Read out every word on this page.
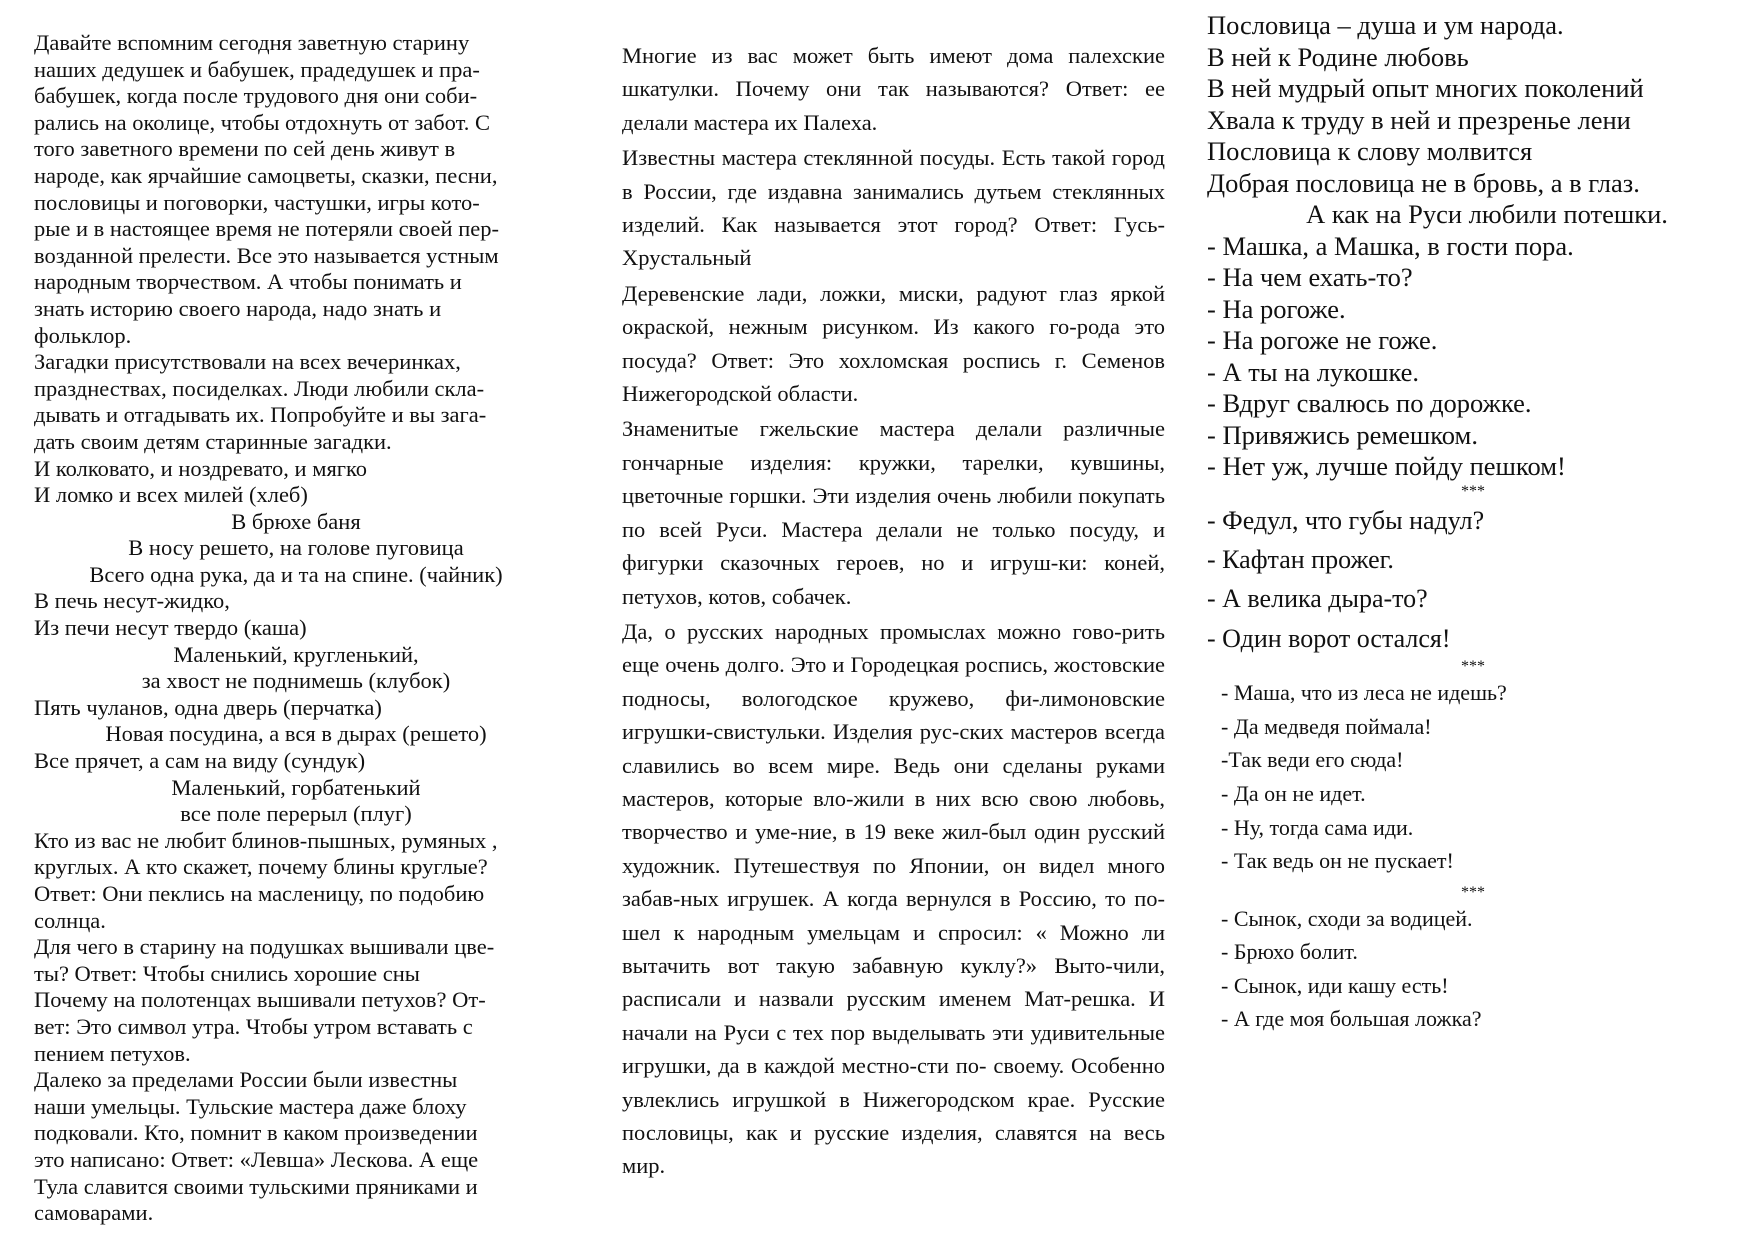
Давайте вспомним сегодня заветную старину
наших дедушек и бабушек, прадедушек и пра-
бабушек, когда после трудового дня они соби-
рались на околице, чтобы отдохнуть от забот. С
того заветного времени по сей день живут в
народе, как ярчайшие самоцветы, сказки, песни,
пословицы и поговорки, частушки, игры кото-
рые и в настоящее время не потеряли своей пер-
возданной прелести. Все это называется устным
народным творчеством. А чтобы понимать и
знать историю своего народа, надо знать и
фольклор.
Загадки присутствовали на всех вечеринках,
празднествах, посиделках. Люди любили скла-
дывать и отгадывать их. Попробуйте и вы зага-
дать своим детям старинные загадки.
И колковато, и ноздревато, и мягко
И ломко и всех милей (хлеб)
В брюхе баня
В носу решето, на голове пуговица
Всего одна рука, да и та на спине. (чайник)
В печь несут-жидко,
Из печи несут твердо (каша)
Маленький, кругленький,
за хвост не поднимешь (клубок)
Пять чуланов, одна дверь (перчатка)
Новая посудина, а вся в дырах (решето)
Все прячет, а сам на виду (сундук)
Маленький, горбатенький
все поле перерыл (плуг)
Кто из вас не любит блинов-пышных, румяных ,
круглых. А кто скажет, почему блины круглые?
Ответ: Они пеклись на масленицу, по подобию
солнца.
Для чего в старину на подушках вышивали цве-
ты? Ответ: Чтобы снились хорошие сны
Почему на полотенцах вышивали петухов? От-
вет: Это символ утра. Чтобы утром вставать с
пением петухов.
Далеко за пределами России были известны
наши умельцы. Тульские мастера даже блоху
подковали. Кто, помнит в каком произведении
это написано: Ответ: «Левша» Лескова. А еще
Тула славится своими тульскими пряниками и
самоварами.
Многие из вас может быть имеют дома палехские шкатулки. Почему они так называются? Ответ: ее делали мастера их Палеха.
Известны мастера стеклянной посуды. Есть такой город в России, где издавна занимались дутьем стеклянных изделий. Как называется этот город? Ответ: Гусь-Хрустальный
Деревенские лади, ложки, миски, радуют глаз яркой окраской, нежным рисунком. Из какого го-рода это посуда? Ответ: Это хохломская роспись г. Семенов Нижегородской области.
Знаменитые гжельские мастера делали различные гончарные изделия: кружки, тарелки, кувшины, цветочные горшки. Эти изделия очень любили покупать по всей Руси. Мастера делали не только посуду, и фигурки сказочных героев, но и игруш-ки: коней, петухов, котов, собачек.
Да, о русских народных промыслах можно гово-рить еще очень долго. Это и Городецкая роспись, жостовские подносы, вологодское кружево, фи-лимоновские игрушки-свистульки. Изделия рус-ских мастеров всегда славились во всем мире. Ведь они сделаны руками мастеров, которые вло-жили в них всю свою любовь, творчество и уме-ние, в 19 веке жил-был один русский художник. Путешествуя по Японии, он видел много забав-ных игрушек. А когда вернулся в Россию, то по-шел к народным умельцам и спросил: « Можно ли вытачить вот такую забавную куклу?» Выто-чили, расписали и назвали русским именем Мат-решка. И начали на Руси с тех пор выделывать эти удивительные игрушки, да в каждой местно-сти по- своему. Особенно увлеклись игрушкой в Нижегородском крае. Русские пословицы, как и русские изделия, славятся на весь мир.
Пословица – душа и ум народа.
В ней к Родине любовь
В ней мудрый опыт многих поколений
Хвала к труду в ней и презренье лени
Пословица к слову молвится
Добрая пословица не в бровь, а в глаз.
А как на Руси любили потешки.
- Машка, а Машка, в гости пора.
- На чем ехать-то?
- На рогоже.
- На рогоже не гоже.
- А ты на лукошке.
- Вдруг свалюсь по дорожке.
- Привяжись ремешком.
- Нет уж, лучше пойду пешком!
***
- Федул, что губы надул?
- Кафтан прожег.
- А велика дыра-то?
- Один ворот остался!
***
- Маша, что из леса не идешь?
- Да медведя поймала!
-Так веди его сюда!
- Да он не идет.
- Ну, тогда сама иди.
- Так ведь он не пускает!
***
- Сынок, сходи за водицей.
- Брюхо болит.
- Сынок, иди кашу есть!
- А где моя большая ложка?
